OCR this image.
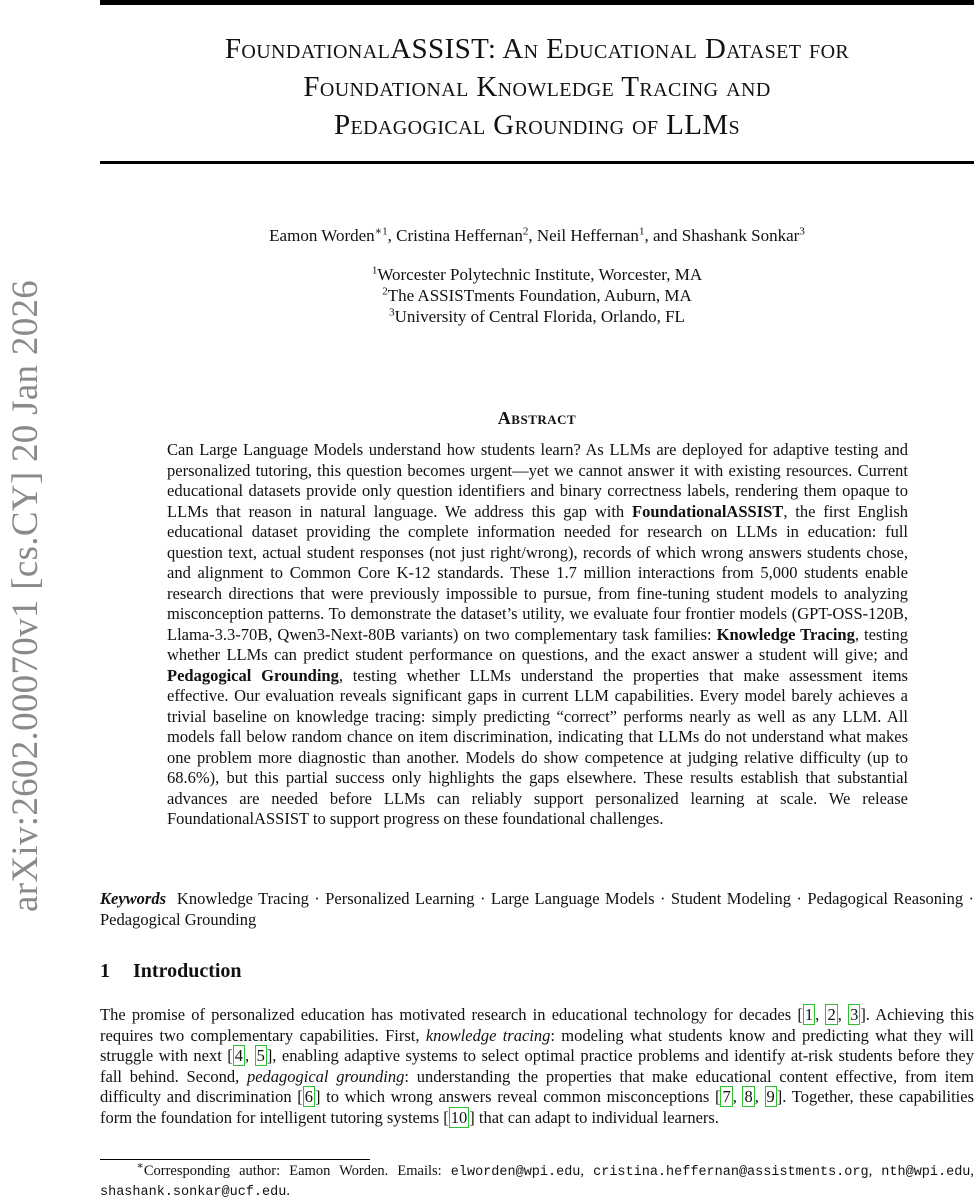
FoundationalASSIST: An Educational Dataset for
Foundational Knowledge Tracing and
Pedagogical Grounding of LLMs
arXiv:2602.00070v1 [cs.CY] 20 Jan 2026
Eamon Worden$^{∗1}$, Cristina Heffernan$^2$, Neil Heffernan$^1$, and Shashank Sonkar$^3$
$^1$Worcester Polytechnic Institute, Worcester, MA
$^2$The ASSISTments Foundation, Auburn, MA
$^3$University of Central Florida, Orlando, FL
Abstract
Can Large Language Models understand how students learn? As LLMs are deployed for adaptive testing and personalized tutoring, this question becomes urgent—yet we cannot answer it with existing resources. Current educational datasets provide only question identifiers and binary correctness labels, rendering them opaque to LLMs that reason in natural language. We address this gap with FoundationalASSIST, the first English educational dataset providing the complete information needed for research on LLMs in education: full question text, actual student responses (not just right/wrong), records of which wrong answers students chose, and alignment to Common Core K-12 standards. These 1.7 million interactions from 5,000 students enable research directions that were previously impossible to pursue, from fine-tuning student models to analyzing misconception patterns. To demonstrate the dataset’s utility, we evaluate four frontier models (GPT-OSS-120B, Llama-3.3-70B, Qwen3-Next-80B variants) on two complementary task families: Knowledge Tracing, testing whether LLMs can predict student performance on questions, and the exact answer a student will give; and Pedagogical Grounding, testing whether LLMs understand the properties that make assessment items effective. Our evaluation reveals significant gaps in current LLM capabilities. Every model barely achieves a trivial baseline on knowledge tracing: simply predicting “correct” performs nearly as well as any LLM. All models fall below random chance on item discrimination, indicating that LLMs do not understand what makes one problem more diagnostic than another. Models do show competence at judging relative difficulty (up to 68.6%), but this partial success only highlights the gaps elsewhere. These results establish that substantial advances are needed before LLMs can reliably support personalized learning at scale. We release FoundationalASSIST to support progress on these foundational challenges.
Keywords Knowledge Tracing · Personalized Learning · Large Language Models · Student Modeling · Pedagogical Reasoning · Pedagogical Grounding
1 Introduction
The promise of personalized education has motivated research in educational technology for decades [ 1 , 2 , 3 ]. Achieving this requires two complementary capabilities. First, knowledge tracing: modeling what students know and predicting what they will struggle with next [ 4 , 5 ], enabling adaptive systems to select optimal practice problems and identify at-risk students before they fall behind. Second, pedagogical grounding: understanding the properties that make educational content effective, from item difficulty and discrimination [ 6 ] to which wrong answers reveal common misconceptions [ 7 , 8 , 9 ]. Together, these capabilities form the foundation for intelligent tutoring systems [ 10 ] that can adapt to individual learners.
∗Corresponding author: Eamon Worden. Emails: elworden@wpi.edu, cristina.heffernan@assistments.org, nth@wpi.edu, shashank.sonkar@ucf.edu.
